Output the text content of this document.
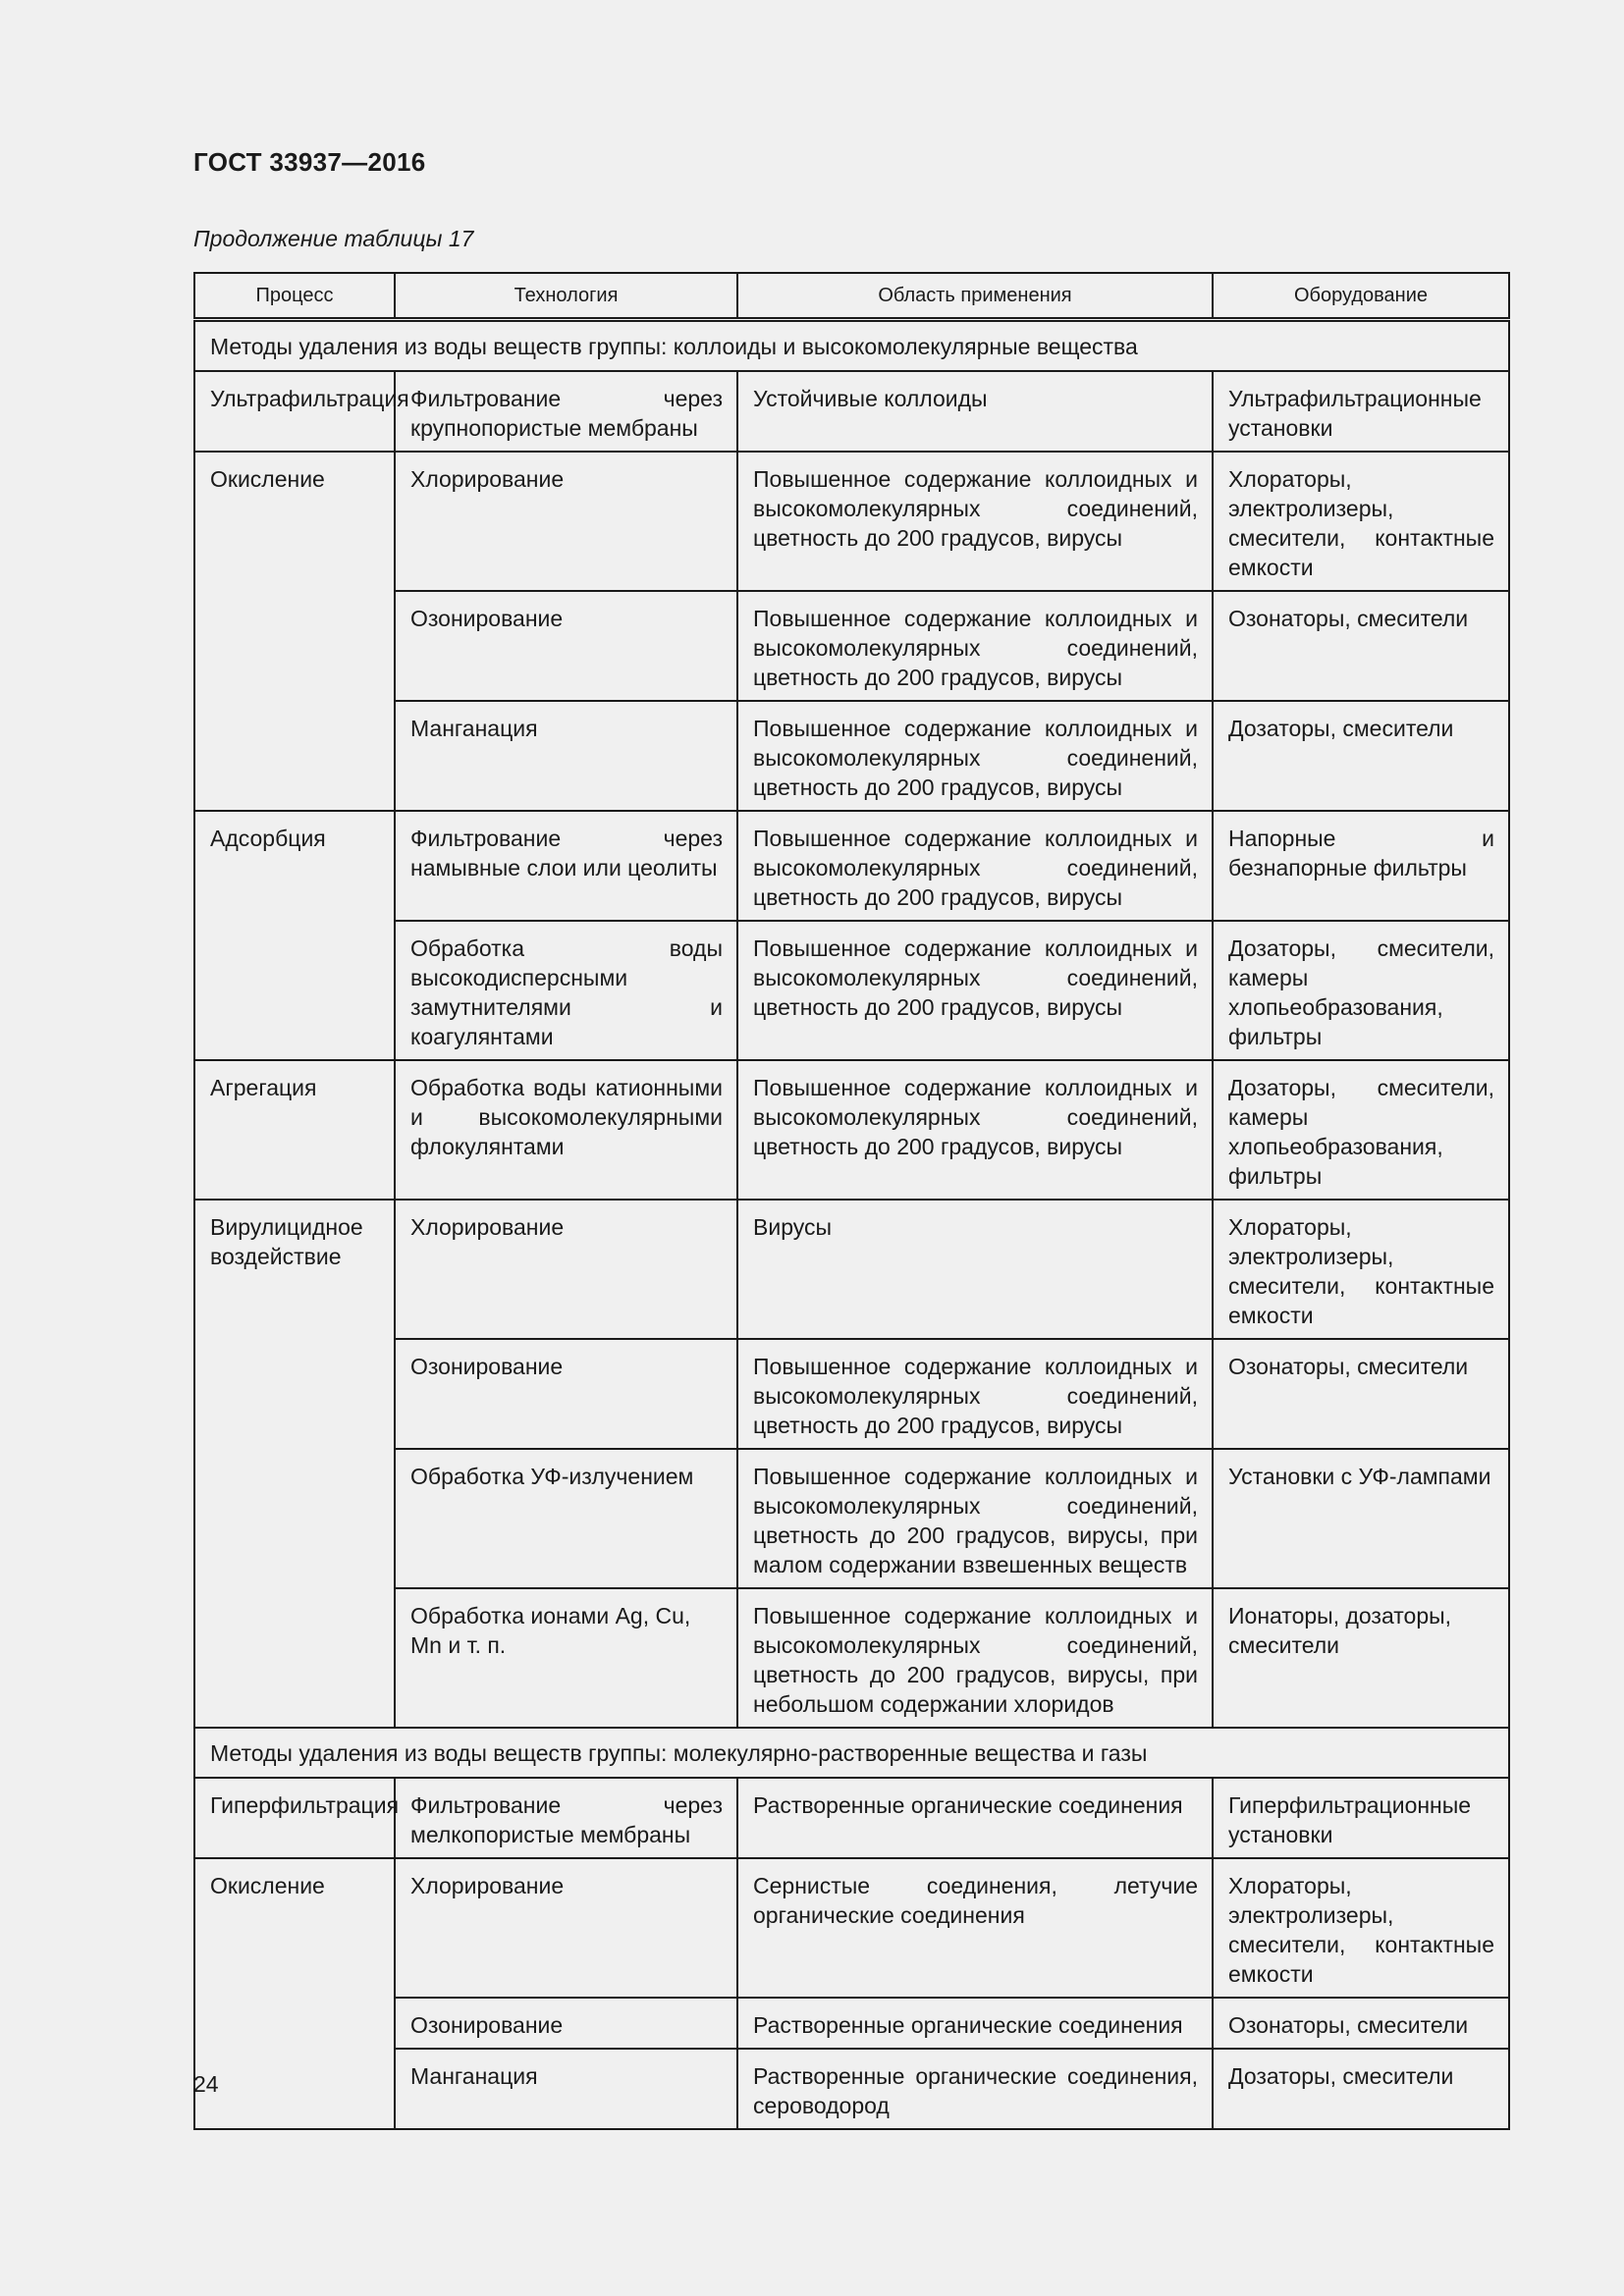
ГОСТ 33937—2016
Продолжение таблицы 17
Процесс	Технология	Область применения	Оборудование
Методы удаления из воды веществ группы: коллоиды и высокомолекулярные вещества			
Ультрафильтрация	Фильтрование через крупнопористые мембраны	Устойчивые коллоиды	Ультрафильтрационные установки
Окисление	Хлорирование	Повышенное содержание коллоидных и высокомолекулярных соединений, цветность до 200 градусов, вирусы	Хлораторы, электролизеры, смесители, контактные емкости
	Озонирование	Повышенное содержание коллоидных и высокомолекулярных соединений, цветность до 200 градусов, вирусы	Озонаторы, смесители
	Манганация	Повышенное содержание коллоидных и высокомолекулярных соединений, цветность до 200 градусов, вирусы	Дозаторы, смесители
Адсорбция	Фильтрование через намывные слои или цеолиты	Повышенное содержание коллоидных и высокомолекулярных соединений, цветность до 200 градусов, вирусы	Напорные и безнапорные фильтры
	Обработка воды высокодисперсными замутнителями и коагулянтами	Повышенное содержание коллоидных и высокомолекулярных соединений, цветность до 200 градусов, вирусы	Дозаторы, смесители, камеры хлопьеобразования, фильтры
Агрегация	Обработка воды катионными и высокомолекулярными флокулянтами	Повышенное содержание коллоидных и высокомолекулярных соединений, цветность до 200 градусов, вирусы	Дозаторы, смесители, камеры хлопьеобразования, фильтры
Вирулицидное воздействие	Хлорирование	Вирусы	Хлораторы, электролизеры, смесители, контактные емкости
	Озонирование	Повышенное содержание коллоидных и высокомолекулярных соединений, цветность до 200 градусов, вирусы	Озонаторы, смесители
	Обработка УФ-излучением	Повышенное содержание коллоидных и высокомолекулярных соединений, цветность до 200 градусов, вирусы, при малом содержании взвешенных веществ	Установки с УФ-лампами
	Обработка ионами Ag, Cu, Mn и т. п.	Повышенное содержание коллоидных и высокомолекулярных соединений, цветность до 200 градусов, вирусы, при небольшом содержании хлоридов	Ионаторы, дозаторы, смесители
Методы удаления из воды веществ группы: молекулярно-растворенные вещества и газы			
Гиперфильтрация	Фильтрование через мелкопористые мембраны	Растворенные органические соединения	Гиперфильтрационные установки
Окисление	Хлорирование	Сернистые соединения, летучие органические соединения	Хлораторы, электролизеры, смесители, контактные емкости
	Озонирование	Растворенные органические соединения	Озонаторы, смесители
	Манганация	Растворенные органические соединения, сероводород	Дозаторы, смесители
24
